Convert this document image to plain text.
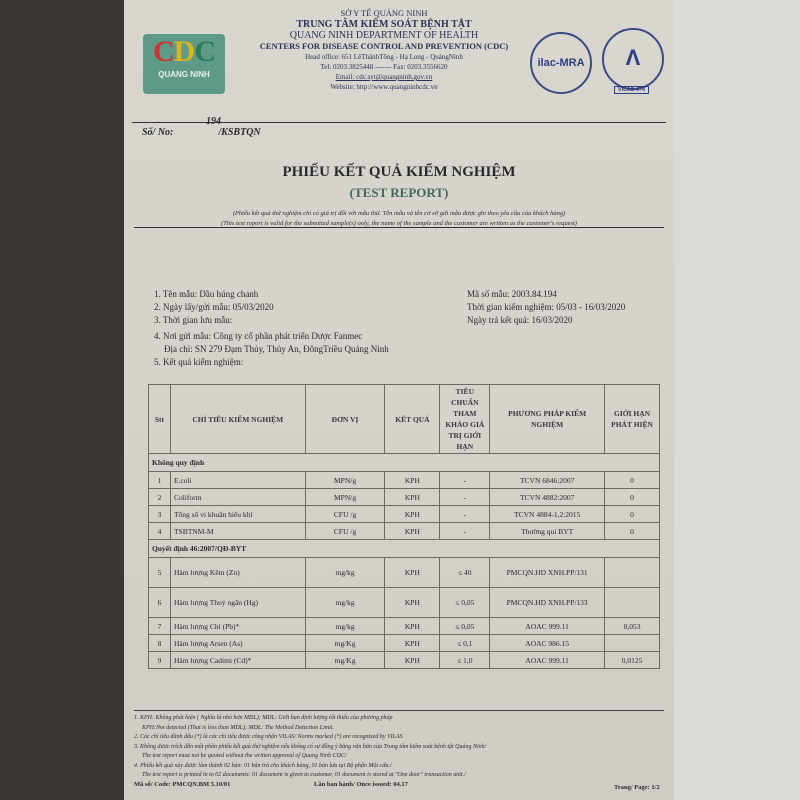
CDC
QUANG NINH
SỞ Y TẾ QUẢNG NINH
TRUNG TÂM KIỂM SOÁT BỆNH TẬT
QUANG NINH DEPARTMENT OF HEALTH
CENTERS FOR DISEASE CONTROL AND PREVENTION (CDC)
Head office: 651 LêThánhTông - Hạ Long - QuảngNinh
Tel: 0203.3825448 ------- Fax: 0203.3556620
Email: cdc.syt@quangninh.gov.vn
Website: http://www.quangninhcdc.vn
ilac-MRA	Λ
VILAS 474
194
Số/ No:	/KSBTQN
PHIẾU KẾT QUẢ KIỂM NGHIỆM
(TEST REPORT)
(Phiếu kết quả thử nghiệm chỉ có giá trị đối với mẫu thử. Tên mẫu và tên cơ sở gửi mẫu được ghi theo yêu cầu của khách hàng)
(This test report is valid for the submitted sample(s) only, the name of the sample and the customer are written as the customer's request)
1. Tên mẫu: Dầu húng chanh
2. Ngày lấy/gửi mẫu: 05/03/2020
3. Thời gian lưu mẫu:
4. Nơi gửi mẫu: Công ty cổ phần phát triển Dược Fanmec
Địa chỉ: SN 279 Đạm Thủy, Thủy An, ĐôngTriều Quảng Ninh
5. Kết quả kiểm nghiệm:
Mã số mẫu: 2003.84.194
Thời gian kiểm nghiệm: 05/03 - 16/03/2020
Ngày trả kết quả: 16/03/2020
Stt	CHỈ TIÊU KIỂM NGHIỆM	ĐƠN VỊ	KẾT QUẢ	TIÊU CHUẨN THAM KHẢO GIÁ TRỊ GIỚI HẠN	PHƯƠNG PHÁP KIỂM NGHIỆM	GIỚI HẠN PHÁT HIỆN
Không quy định						
1	E.coli	MPN/g	KPH	-	TCVN 6846:2007	0
2	Coliform	MPN/g	KPH	-	TCVN 4882:2007	0
3	Tổng số vi khuẩn hiếu khí	CFU /g	KPH	-	TCVN 4884-1,2:2015	0
4	TSBTNM-M	CFU /g	KPH	-	Thường qui BYT	0
Quyết định 46:2007/QĐ-BYT						
5	Hàm lượng Kẽm (Zn)	mg/kg	KPH	≤ 40	PMCQN.HD XNH.PP/131	
6	Hàm lượng Thuỷ ngân (Hg)	mg/kg	KPH	≤ 0,05	PMCQN.HD XNH.PP/133	
7	Hàm lượng Chì (Pb)*	mg/kg	KPH	≤ 0,05	AOAC 999.11	0,053
8	Hàm lượng Arsen (As)	mg/Kg	KPH	≤ 0,1	AOAC 986.15	
9	Hàm lượng Cadimi (Cd)*	mg/Kg	KPH	≤ 1,0	AOAC 999.11	0,0125
1. KPH: Không phát hiện ( Nghĩa là nhỏ hơn MDL); MDL: Giới hạn định lượng tối thiểu của phương pháp
KPH:Not detected (That is less than MDL); MDL: The Method Detection Limit.
2. Các chỉ tiêu đánh dấu (*) là các chỉ tiêu được công nhận VILAS/ Norms marked (*) are recognized by VILAS
3. Không được trích dẫn một phần phiếu kết quả thử nghiệm nếu không có sự đồng ý bằng văn bản của Trung tâm kiểm soát bệnh tật Quảng Ninh/
The test report must not be quoted without the written approval of Quang Ninh CDC/
4. Phiếu kết quả này được làm thành 02 bản: 01 bản trả cho khách hàng, 01 bản lưu tại Bộ phận Một cửa./
The test report is printed in to 02 documents: 01 document is given to customer, 01 document is stored at "One door" transaction unit./
Mã số/ Code: PMCQN.BM 5.10/01	Lần ban hành/ Once issued: 04.17	Trang/ Page: 1/2
